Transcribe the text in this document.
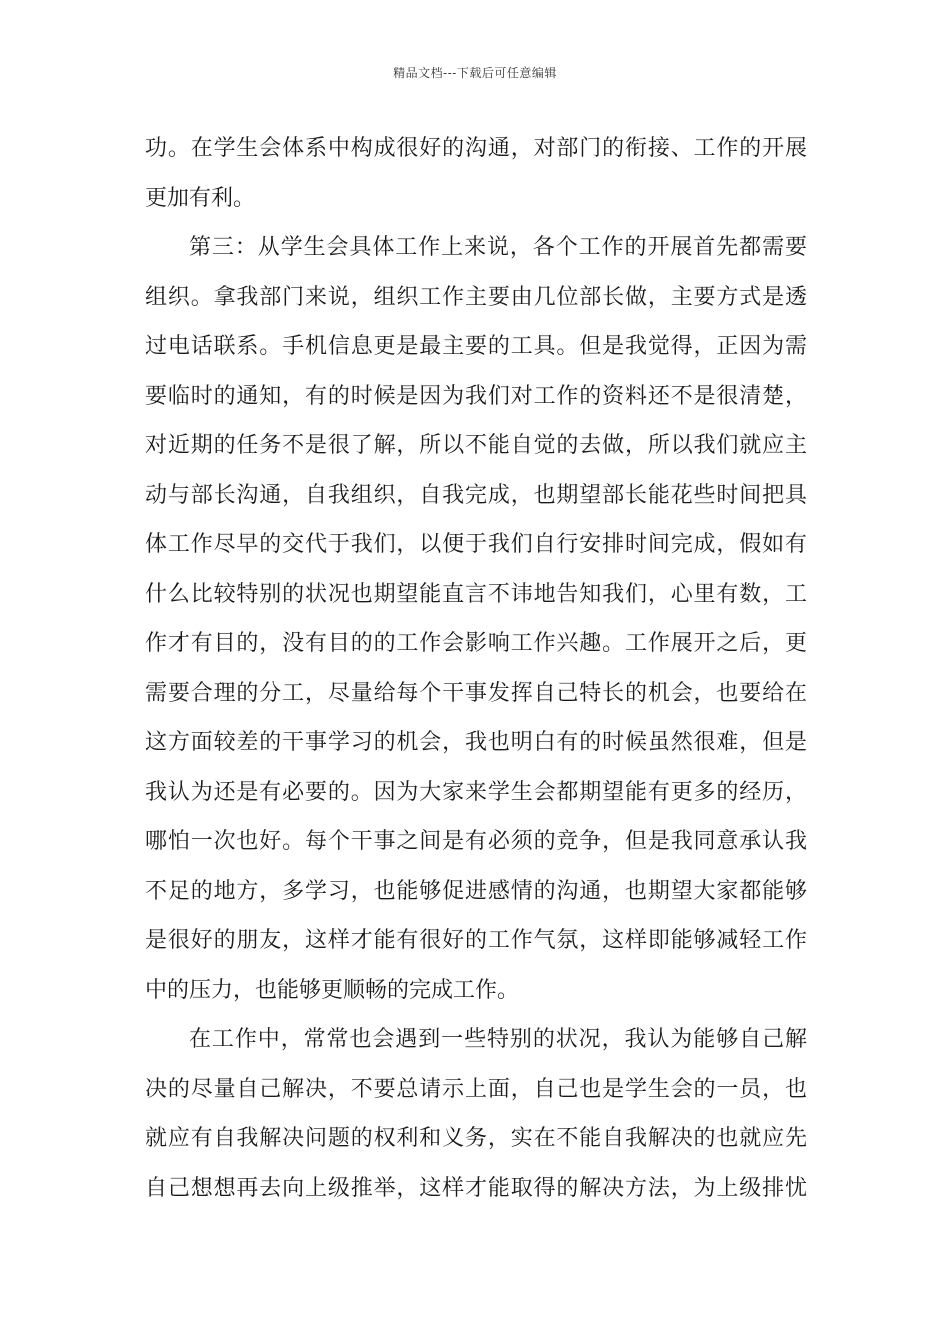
精品文档---下载后可任意编辑
功。在学生会体系中构成很好的沟通，对部门的衔接、工作的开展
更加有利。
第三：从学生会具体工作上来说，各个工作的开展首先都需要
组织。拿我部门来说，组织工作主要由几位部长做，主要方式是透
过电话联系。手机信息更是最主要的工具。但是我觉得，正因为需
要临时的通知，有的时候是因为我们对工作的资料还不是很清楚，
对近期的任务不是很了解，所以不能自觉的去做，所以我们就应主
动与部长沟通，自我组织，自我完成，也期望部长能花些时间把具
体工作尽早的交代于我们，以便于我们自行安排时间完成，假如有
什么比较特别的状况也期望能直言不讳地告知我们，心里有数，工
作才有目的，没有目的的工作会影响工作兴趣。工作展开之后，更
需要合理的分工，尽量给每个干事发挥自己特长的机会，也要给在
这方面较差的干事学习的机会，我也明白有的时候虽然很难，但是
我认为还是有必要的。因为大家来学生会都期望能有更多的经历，
哪怕一次也好。每个干事之间是有必须的竞争，但是我同意承认我
不足的地方，多学习，也能够促进感情的沟通，也期望大家都能够
是很好的朋友，这样才能有很好的工作气氛，这样即能够减轻工作
中的压力，也能够更顺畅的完成工作。
在工作中，常常也会遇到一些特别的状况，我认为能够自己解
决的尽量自己解决，不要总请示上面，自己也是学生会的一员，也
就应有自我解决问题的权利和义务，实在不能自我解决的也就应先
自己想想再去向上级推举，这样才能取得的解决方法，为上级排忧
